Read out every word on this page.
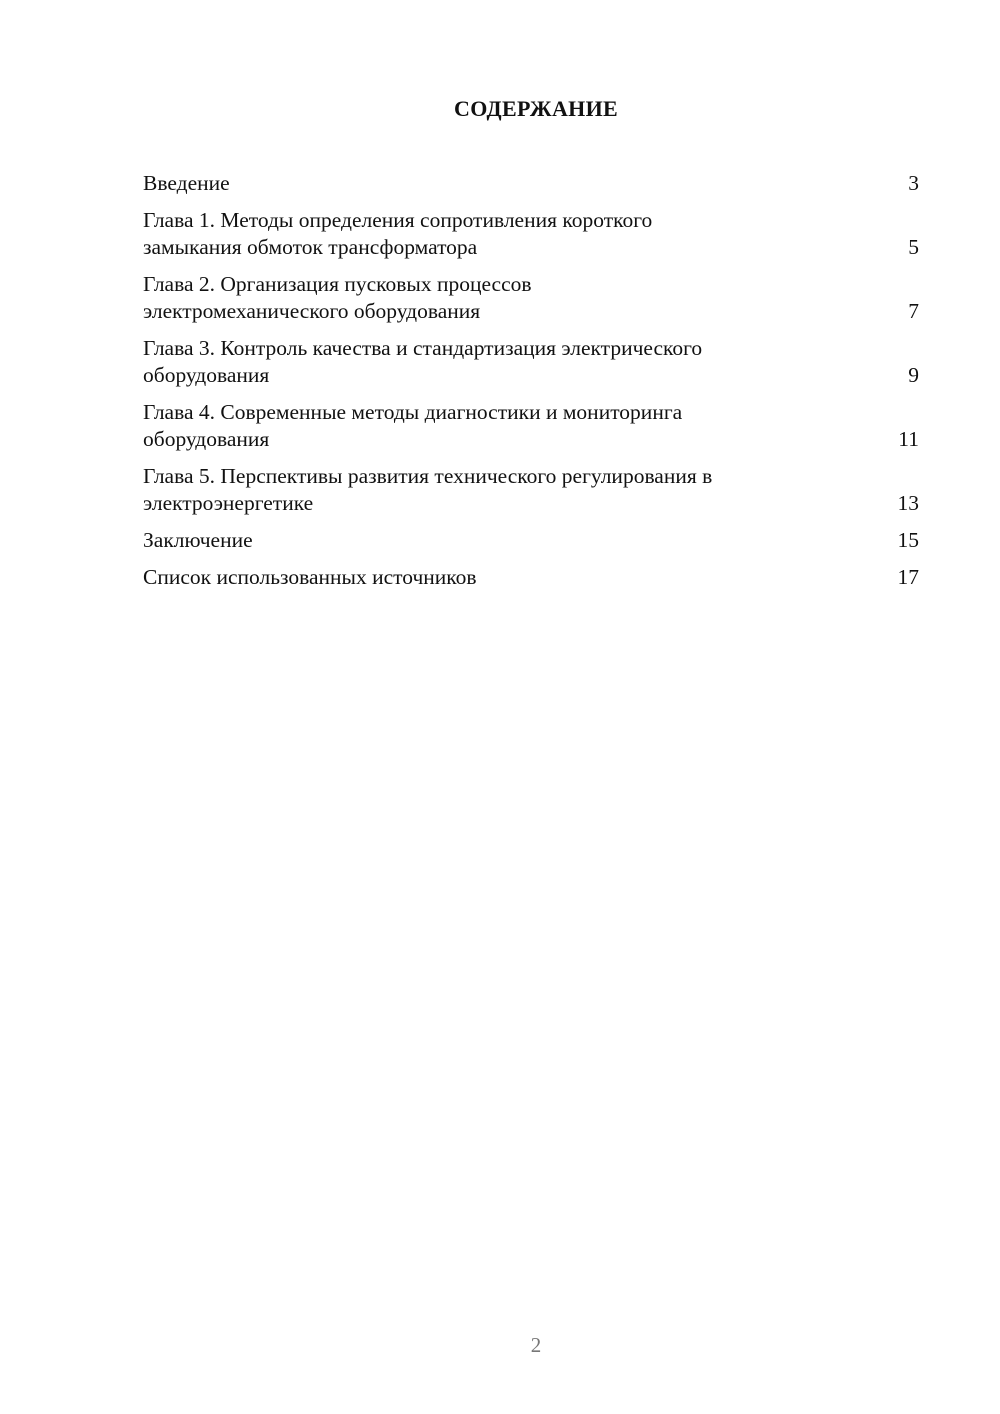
СОДЕРЖАНИЕ
Введение	3
Глава 1. Методы определения сопротивления короткого
замыкания обмоток трансформатора	5
Глава 2. Организация пусковых процессов
электромеханического оборудования	7
Глава 3. Контроль качества и стандартизация электрического
оборудования	9
Глава 4. Современные методы диагностики и мониторинга
оборудования	11
Глава 5. Перспективы развития технического регулирования в
электроэнергетике	13
Заключение	15
Список использованных источников	17
2
